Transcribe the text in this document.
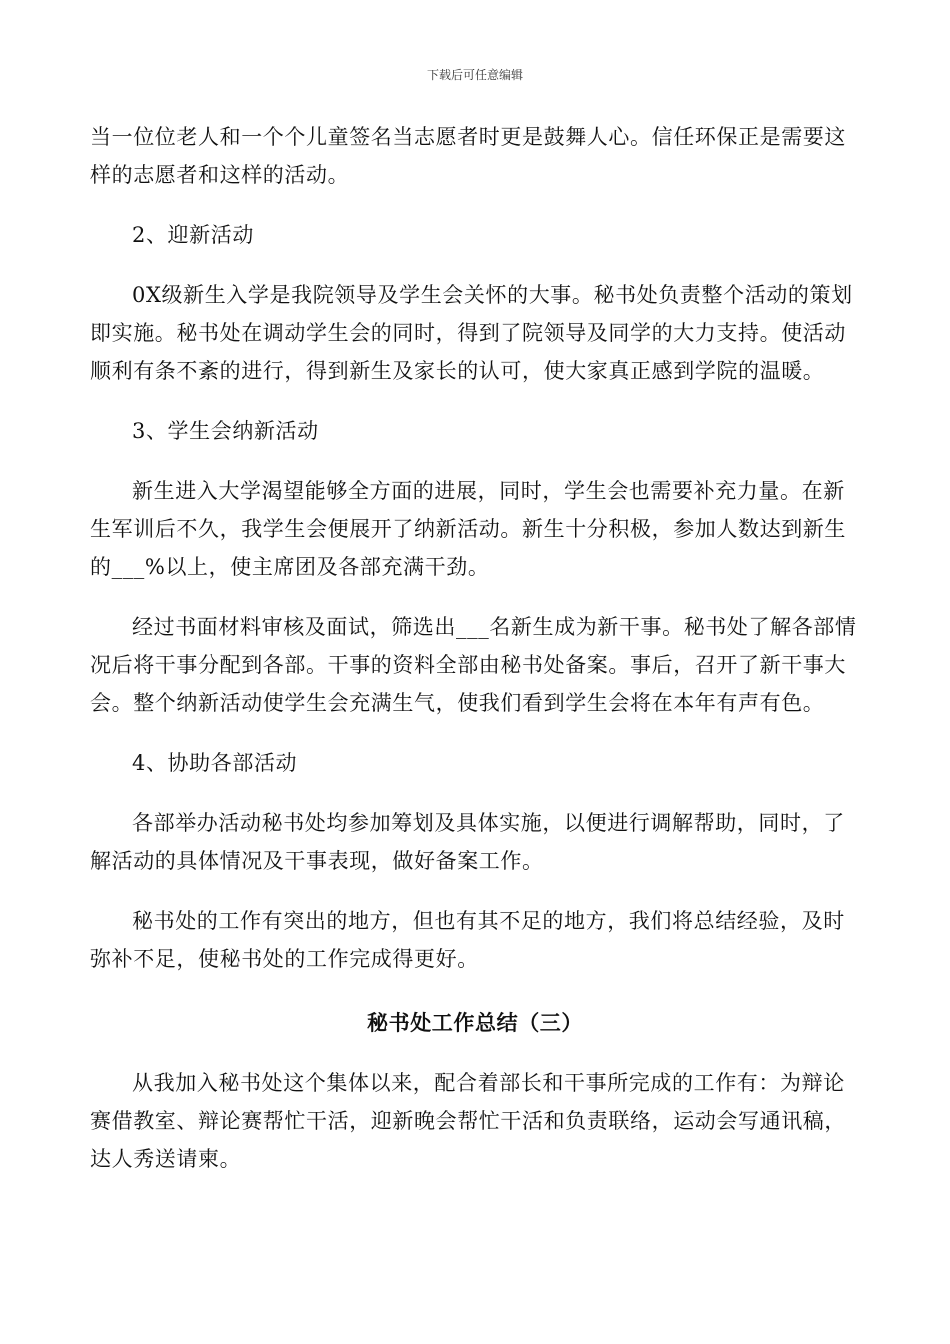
下载后可任意编辑

当一位位老人和一个个儿童签名当志愿者时更是鼓舞人心。信任环保正是需要这样的志愿者和这样的活动。

2、迎新活动

0X级新生入学是我院领导及学生会关怀的大事。秘书处负责整个活动的策划即实施。秘书处在调动学生会的同时，得到了院领导及同学的大力支持。使活动顺利有条不紊的进行，得到新生及家长的认可，使大家真正感到学院的温暖。

3、学生会纳新活动

新生进入大学渴望能够全方面的进展，同时，学生会也需要补充力量。在新生军训后不久，我学生会便展开了纳新活动。新生十分积极，参加人数达到新生的___%以上，使主席团及各部充满干劲。

经过书面材料审核及面试，筛选出___名新生成为新干事。秘书处了解各部情况后将干事分配到各部。干事的资料全部由秘书处备案。事后，召开了新干事大会。整个纳新活动使学生会充满生气，使我们看到学生会将在本年有声有色。

4、协助各部活动

各部举办活动秘书处均参加筹划及具体实施，以便进行调解帮助，同时，了解活动的具体情况及干事表现，做好备案工作。

秘书处的工作有突出的地方，但也有其不足的地方，我们将总结经验，及时弥补不足，使秘书处的工作完成得更好。

秘书处工作总结（三）

从我加入秘书处这个集体以来，配合着部长和干事所完成的工作有：为辩论赛借教室、辩论赛帮忙干活，迎新晚会帮忙干活和负责联络，运动会写通讯稿，达人秀送请柬。
